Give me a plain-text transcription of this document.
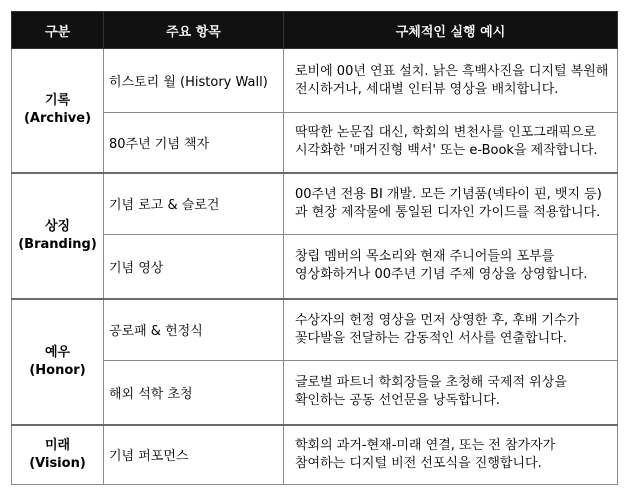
구분	주요 항목	구체적인 실행 예시

기록
(Archive)	히스토리 월 (History Wall)	로비에 00년 연표 설치. 낡은 흑백사진을 디지털 복원해 전시하거나, 세대별 인터뷰 영상을 배치합니다.
	80주년 기념 책자	딱딱한 논문집 대신, 학회의 변천사를 인포그래픽으로 시각화한 '매거진형 백서' 또는 e-Book을 제작합니다.

상징
(Branding)	기념 로고 & 슬로건	00주년 전용 BI 개발. 모든 기념품(넥타이 핀, 뱃지 등)과 현장 제작물에 통일된 디자인 가이드를 적용합니다.
	기념 영상	창립 멤버의 목소리와 현재 주니어들의 포부를 영상화하거나 00주년 기념 주제 영상을 상영합니다.

예우
(Honor)	공로패 & 헌정식	수상자의 헌정 영상을 먼저 상영한 후, 후배 기수가 꽃다발을 전달하는 감동적인 서사를 연출합니다.
	해외 석학 초청	글로벌 파트너 학회장들을 초청해 국제적 위상을 확인하는 공동 선언문을 낭독합니다.

미래
(Vision)	기념 퍼포먼스	학회의 과거-현재-미래 연결, 또는 전 참가자가 참여하는 디지털 비전 선포식을 진행합니다.
